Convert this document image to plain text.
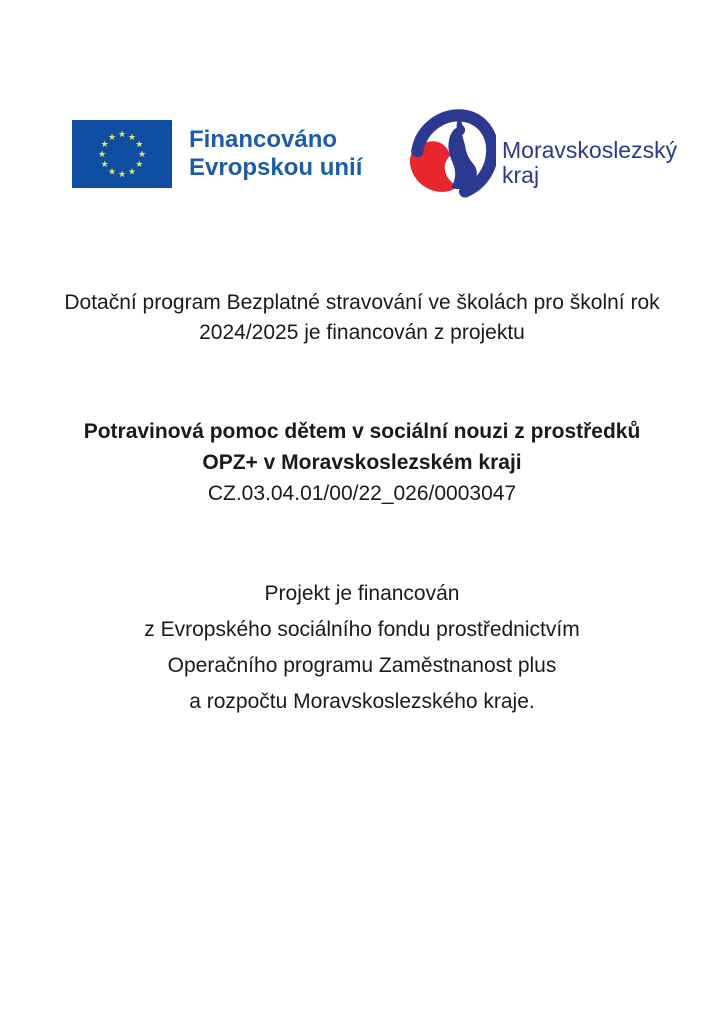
★ ★
★
★
★
★
★
★
★
★
★
★	Financováno
Evropskou unií
Moravskoslezský
kraj
Dotační program Bezplatné stravování ve školách pro školní rok
2024/2025 je financován z projektu
Potravinová pomoc dětem v sociální nouzi z prostředků
OPZ+ v Moravskoslezském kraji
CZ.03.04.01/00/22_026/0003047
Projekt je financován
z Evropského sociálního fondu prostřednictvím
Operačního programu Zaměstnanost plus
a rozpočtu Moravskoslezského kraje.
